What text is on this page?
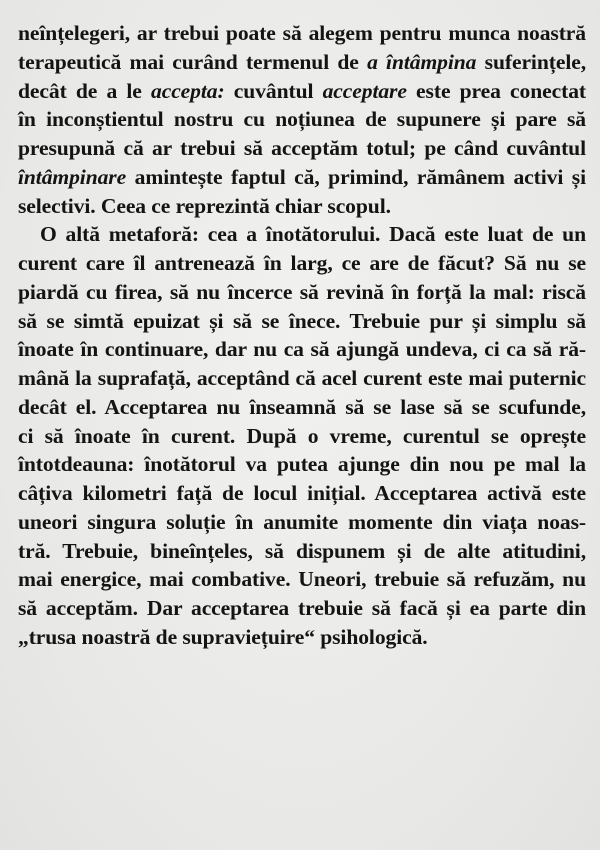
neînțelegeri, ar trebui poate să alegem pentru munca noastră
terapeutică mai curând termenul de a întâmpina suferințele,
decât de a le accepta: cuvântul acceptare este prea conectat
în inconștientul nostru cu noțiunea de supunere și pare să
presupună că ar trebui să acceptăm totul; pe când cuvântul
întâmpinare amintește faptul că, primind, rămânem activi și
selectivi. Ceea ce reprezintă chiar scopul.
O altă metaforă: cea a înotătorului. Dacă este luat de un
curent care îl antrenează în larg, ce are de făcut? Să nu se
piardă cu firea, să nu încerce să revină în forță la mal: riscă
să se simtă epuizat și să se înece. Trebuie pur și simplu să
înoate în continuare, dar nu ca să ajungă undeva, ci ca să ră-
mână la suprafață, acceptând că acel curent este mai puternic
decât el. Acceptarea nu înseamnă să se lase să se scufunde,
ci să înoate în curent. După o vreme, curentul se oprește
întotdeauna: înotătorul va putea ajunge din nou pe mal la
câțiva kilometri față de locul inițial. Acceptarea activă este
uneori singura soluție în anumite momente din viața noas-
tră. Trebuie, bineînțeles, să dispunem și de alte atitudini,
mai energice, mai combative. Uneori, trebuie să refuzăm, nu
să acceptăm. Dar acceptarea trebuie să facă și ea parte din
„trusa noastră de supraviețuire“ psihologică.
